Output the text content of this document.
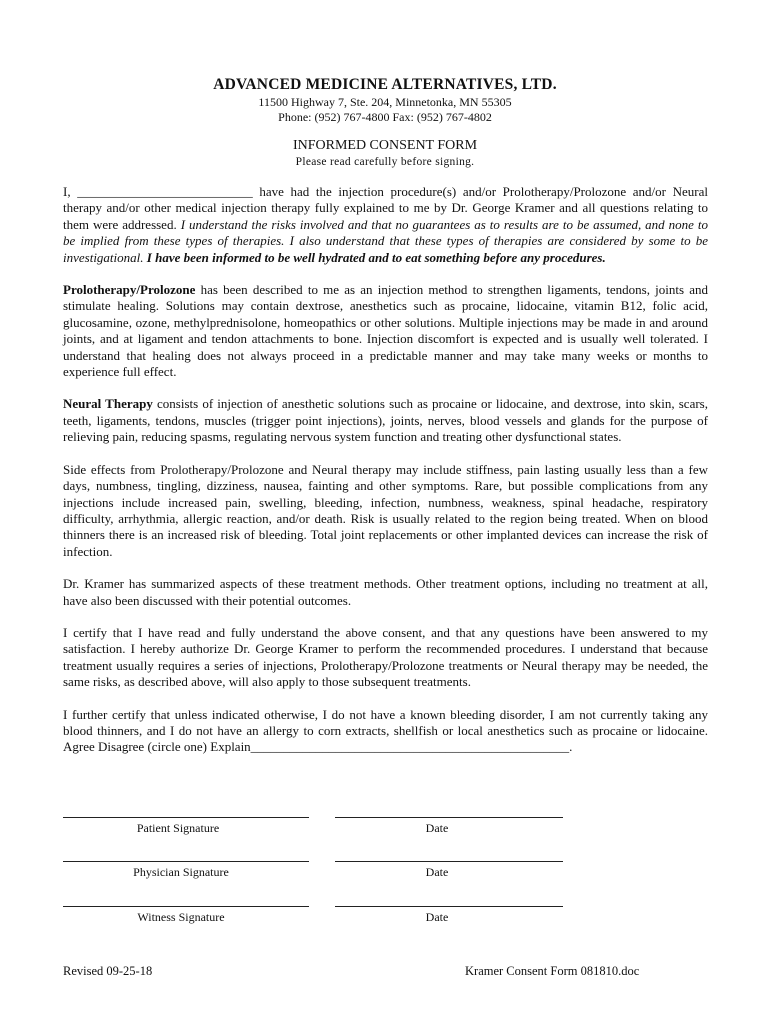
ADVANCED MEDICINE ALTERNATIVES, LTD.
11500 Highway 7, Ste. 204, Minnetonka, MN 55305
Phone: (952) 767-4800 Fax: (952) 767-4802
INFORMED CONSENT FORM
Please read carefully before signing.

I, ___________________________ have had the injection procedure(s) and/or Prolotherapy/Prolozone and/or Neural therapy and/or other medical injection therapy fully explained to me by Dr. George Kramer and all questions relating to them were addressed. I understand the risks involved and that no guarantees as to results are to be assumed, and none to be implied from these types of therapies. I also understand that these types of therapies are considered by some to be investigational. I have been informed to be well hydrated and to eat something before any procedures.

Prolotherapy/Prolozone has been described to me as an injection method to strengthen ligaments, tendons, joints and stimulate healing. Solutions may contain dextrose, anesthetics such as procaine, lidocaine, vitamin B12, folic acid, glucosamine, ozone, methylprednisolone, homeopathics or other solutions. Multiple injections may be made in and around joints, and at ligament and tendon attachments to bone. Injection discomfort is expected and is usually well tolerated. I understand that healing does not always proceed in a predictable manner and may take many weeks or months to experience full effect.

Neural Therapy consists of injection of anesthetic solutions such as procaine or lidocaine, and dextrose, into skin, scars, teeth, ligaments, tendons, muscles (trigger point injections), joints, nerves, blood vessels and glands for the purpose of relieving pain, reducing spasms, regulating nervous system function and treating other dysfunctional states.

Side effects from Prolotherapy/Prolozone and Neural therapy may include stiffness, pain lasting usually less than a few days, numbness, tingling, dizziness, nausea, fainting and other symptoms. Rare, but possible complications from any injections include increased pain, swelling, bleeding, infection, numbness, weakness, spinal headache, respiratory difficulty, arrhythmia, allergic reaction, and/or death. Risk is usually related to the region being treated. When on blood thinners there is an increased risk of bleeding. Total joint replacements or other implanted devices can increase the risk of infection.

Dr. Kramer has summarized aspects of these treatment methods. Other treatment options, including no treatment at all, have also been discussed with their potential outcomes.

I certify that I have read and fully understand the above consent, and that any questions have been answered to my satisfaction. I hereby authorize Dr. George Kramer to perform the recommended procedures. I understand that because treatment usually requires a series of injections, Prolotherapy/Prolozone treatments or Neural therapy may be needed, the same risks, as described above, will also apply to those subsequent treatments.

I further certify that unless indicated otherwise, I do not have a known bleeding disorder, I am not currently taking any blood thinners, and I do not have an allergy to corn extracts, shellfish or local anesthetics such as procaine or lidocaine. Agree Disagree (circle one) Explain_________________________________________________.

Patient Signature	Date
Physician Signature	Date
Witness Signature	Date
Revised 09-25-18	Kramer Consent Form 081810.doc
